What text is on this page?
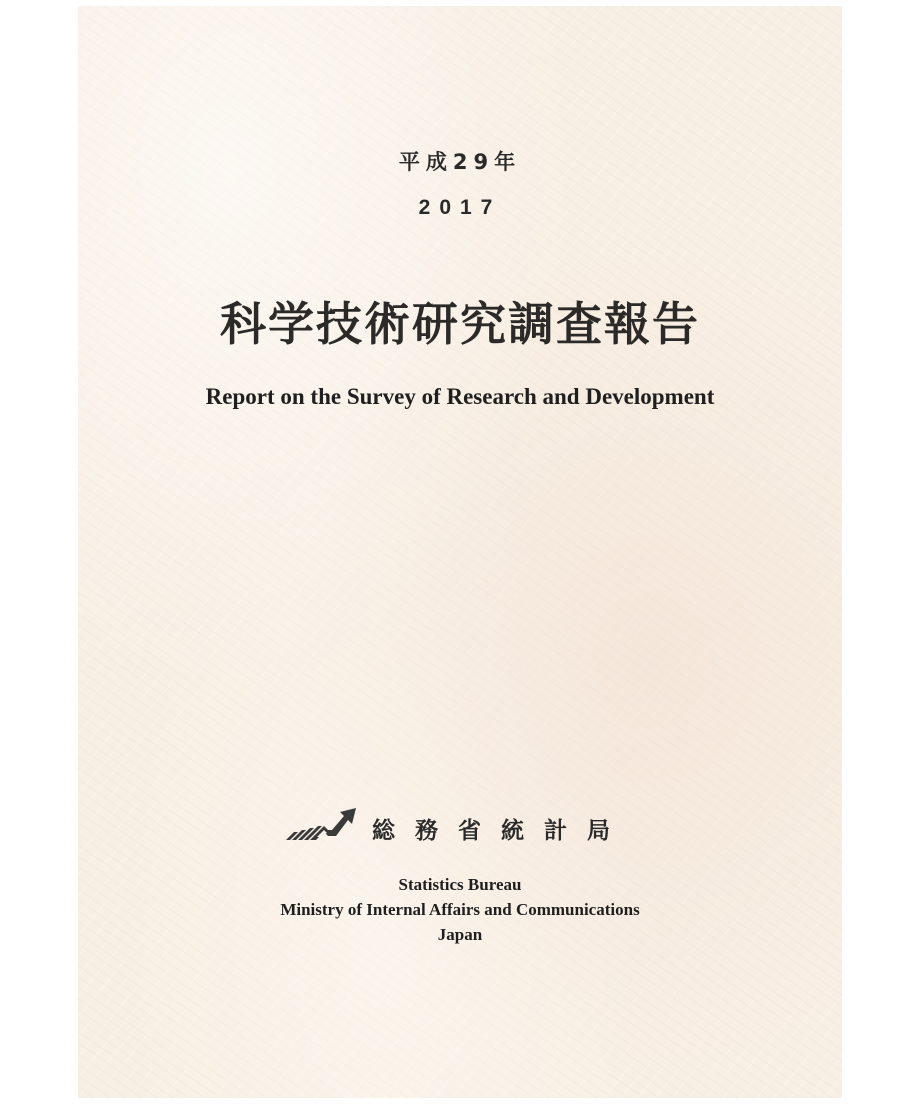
平成29年
2017
科学技術研究調査報告
Report on the Survey of Research and Development
総務省統計局
Statistics Bureau
Ministry of Internal Affairs and Communications
Japan
